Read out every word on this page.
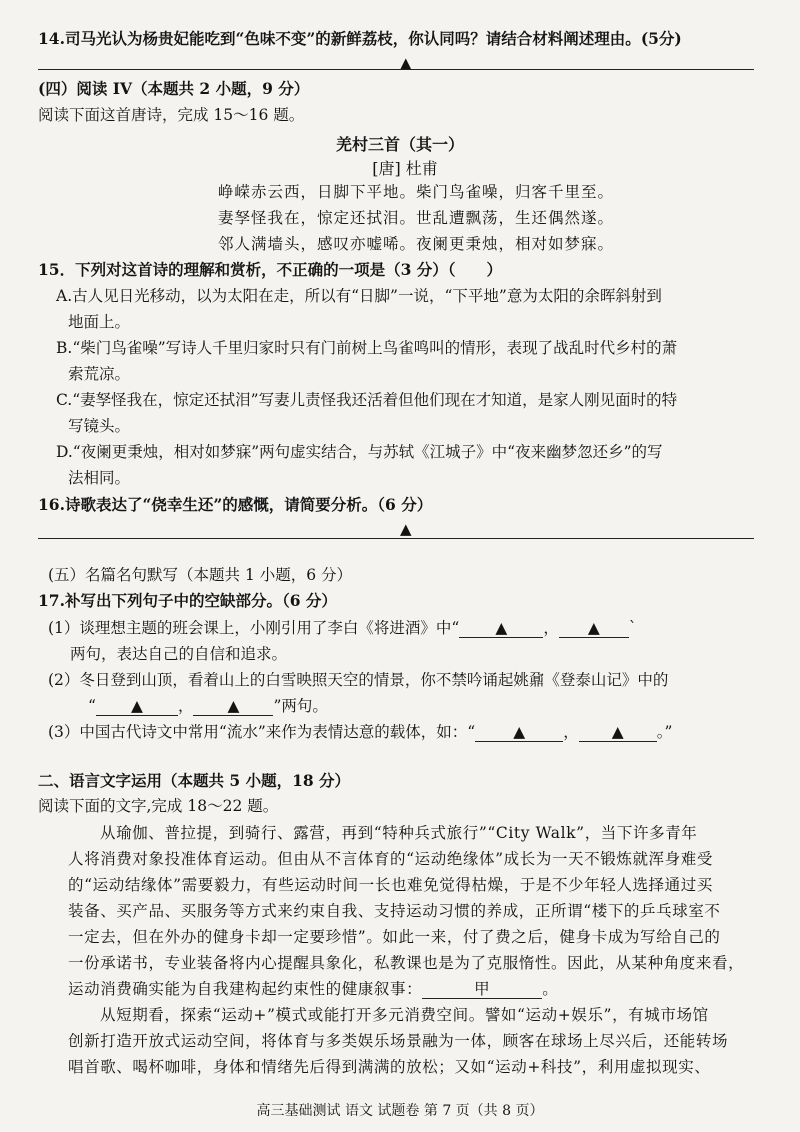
14.司马光认为杨贵妃能吃到“色味不变”的新鲜荔枝，你认同吗？请结合材料阐述理由。(5分)
▲
(四）阅读 IV（本题共 2 小题，9 分）
阅读下面这首唐诗，完成 15～16 题。
羌村三首（其一）
[唐] 杜甫
峥嵘赤云西，日脚下平地。柴门鸟雀噪，归客千里至。
妻孥怪我在，惊定还拭泪。世乱遭飘荡，生还偶然遂。
邻人满墙头，感叹亦嘘唏。夜阑更秉烛，相对如梦寐。
15．下列对这首诗的理解和赏析，不正确的一项是（3 分）（　　）
A.古人见日光移动，以为太阳在走，所以有“日脚”一说，“下平地”意为太阳的余晖斜射到
地面上。
B.“柴门鸟雀噪”写诗人千里归家时只有门前树上鸟雀鸣叫的情形，表现了战乱时代乡村的萧
索荒凉。
C.“妻孥怪我在，惊定还拭泪”写妻儿责怪我还活着但他们现在才知道，是家人刚见面时的特
写镜头。
D.“夜阑更秉烛，相对如梦寐”两句虚实结合，与苏轼《江城子》中“夜来幽梦忽还乡”的写
法相同。
16.诗歌表达了“侥幸生还”的感慨，请简要分析。（6 分）
▲
(五）名篇名句默写（本题共 1 小题，6 分）
17.补写出下列句子中的空缺部分。（6 分）
(1）谈理想主题的班会课上，小刚引用了李白《将进酒》中“ ▲ ， ▲ `
两句，表达自己的自信和追求。
(2）冬日登到山顶，看着山上的白雪映照天空的情景，你不禁吟诵起姚鼐《登泰山记》中的
“ ▲ ， ▲ ”两句。
(3）中国古代诗文中常用“流水”来作为表情达意的载体，如：“ ▲ ， ▲ 。”
二、语言文字运用（本题共 5 小题，18 分）
阅读下面的文字,完成 18～22 题。
从瑜伽、普拉提，到骑行、露营，再到“特种兵式旅行”“City Walk”，当下许多青年
人将消费对象投准体育运动。但由从不言体育的“运动绝缘体”成长为一天不锻炼就浑身难受
的“运动结缘体”需要毅力，有些运动时间一长也难免觉得枯燥，于是不少年轻人选择通过买
装备、买产品、买服务等方式来约束自我、支持运动习惯的养成，正所谓“楼下的乒乓球室不
一定去，但在外办的健身卡却一定要珍惜”。如此一来，付了费之后，健身卡成为写给自己的
一份承诺书，专业装备将内心提醒具象化，私教课也是为了克服惰性。因此，从某种角度来看，
运动消费确实能为自我建构起约束性的健康叙事：	甲	。
从短期看，探索“运动+”模式或能打开多元消费空间。譬如“运动+娱乐”，有城市场馆
创新打造开放式运动空间，将体育与多类娱乐场景融为一体，顾客在球场上尽兴后，还能转场
唱首歌、喝杯咖啡，身体和情绪先后得到满满的放松；又如“运动+科技”，利用虚拟现实、
高三基础测试 语文 试题卷 第 7 页（共 8 页）
